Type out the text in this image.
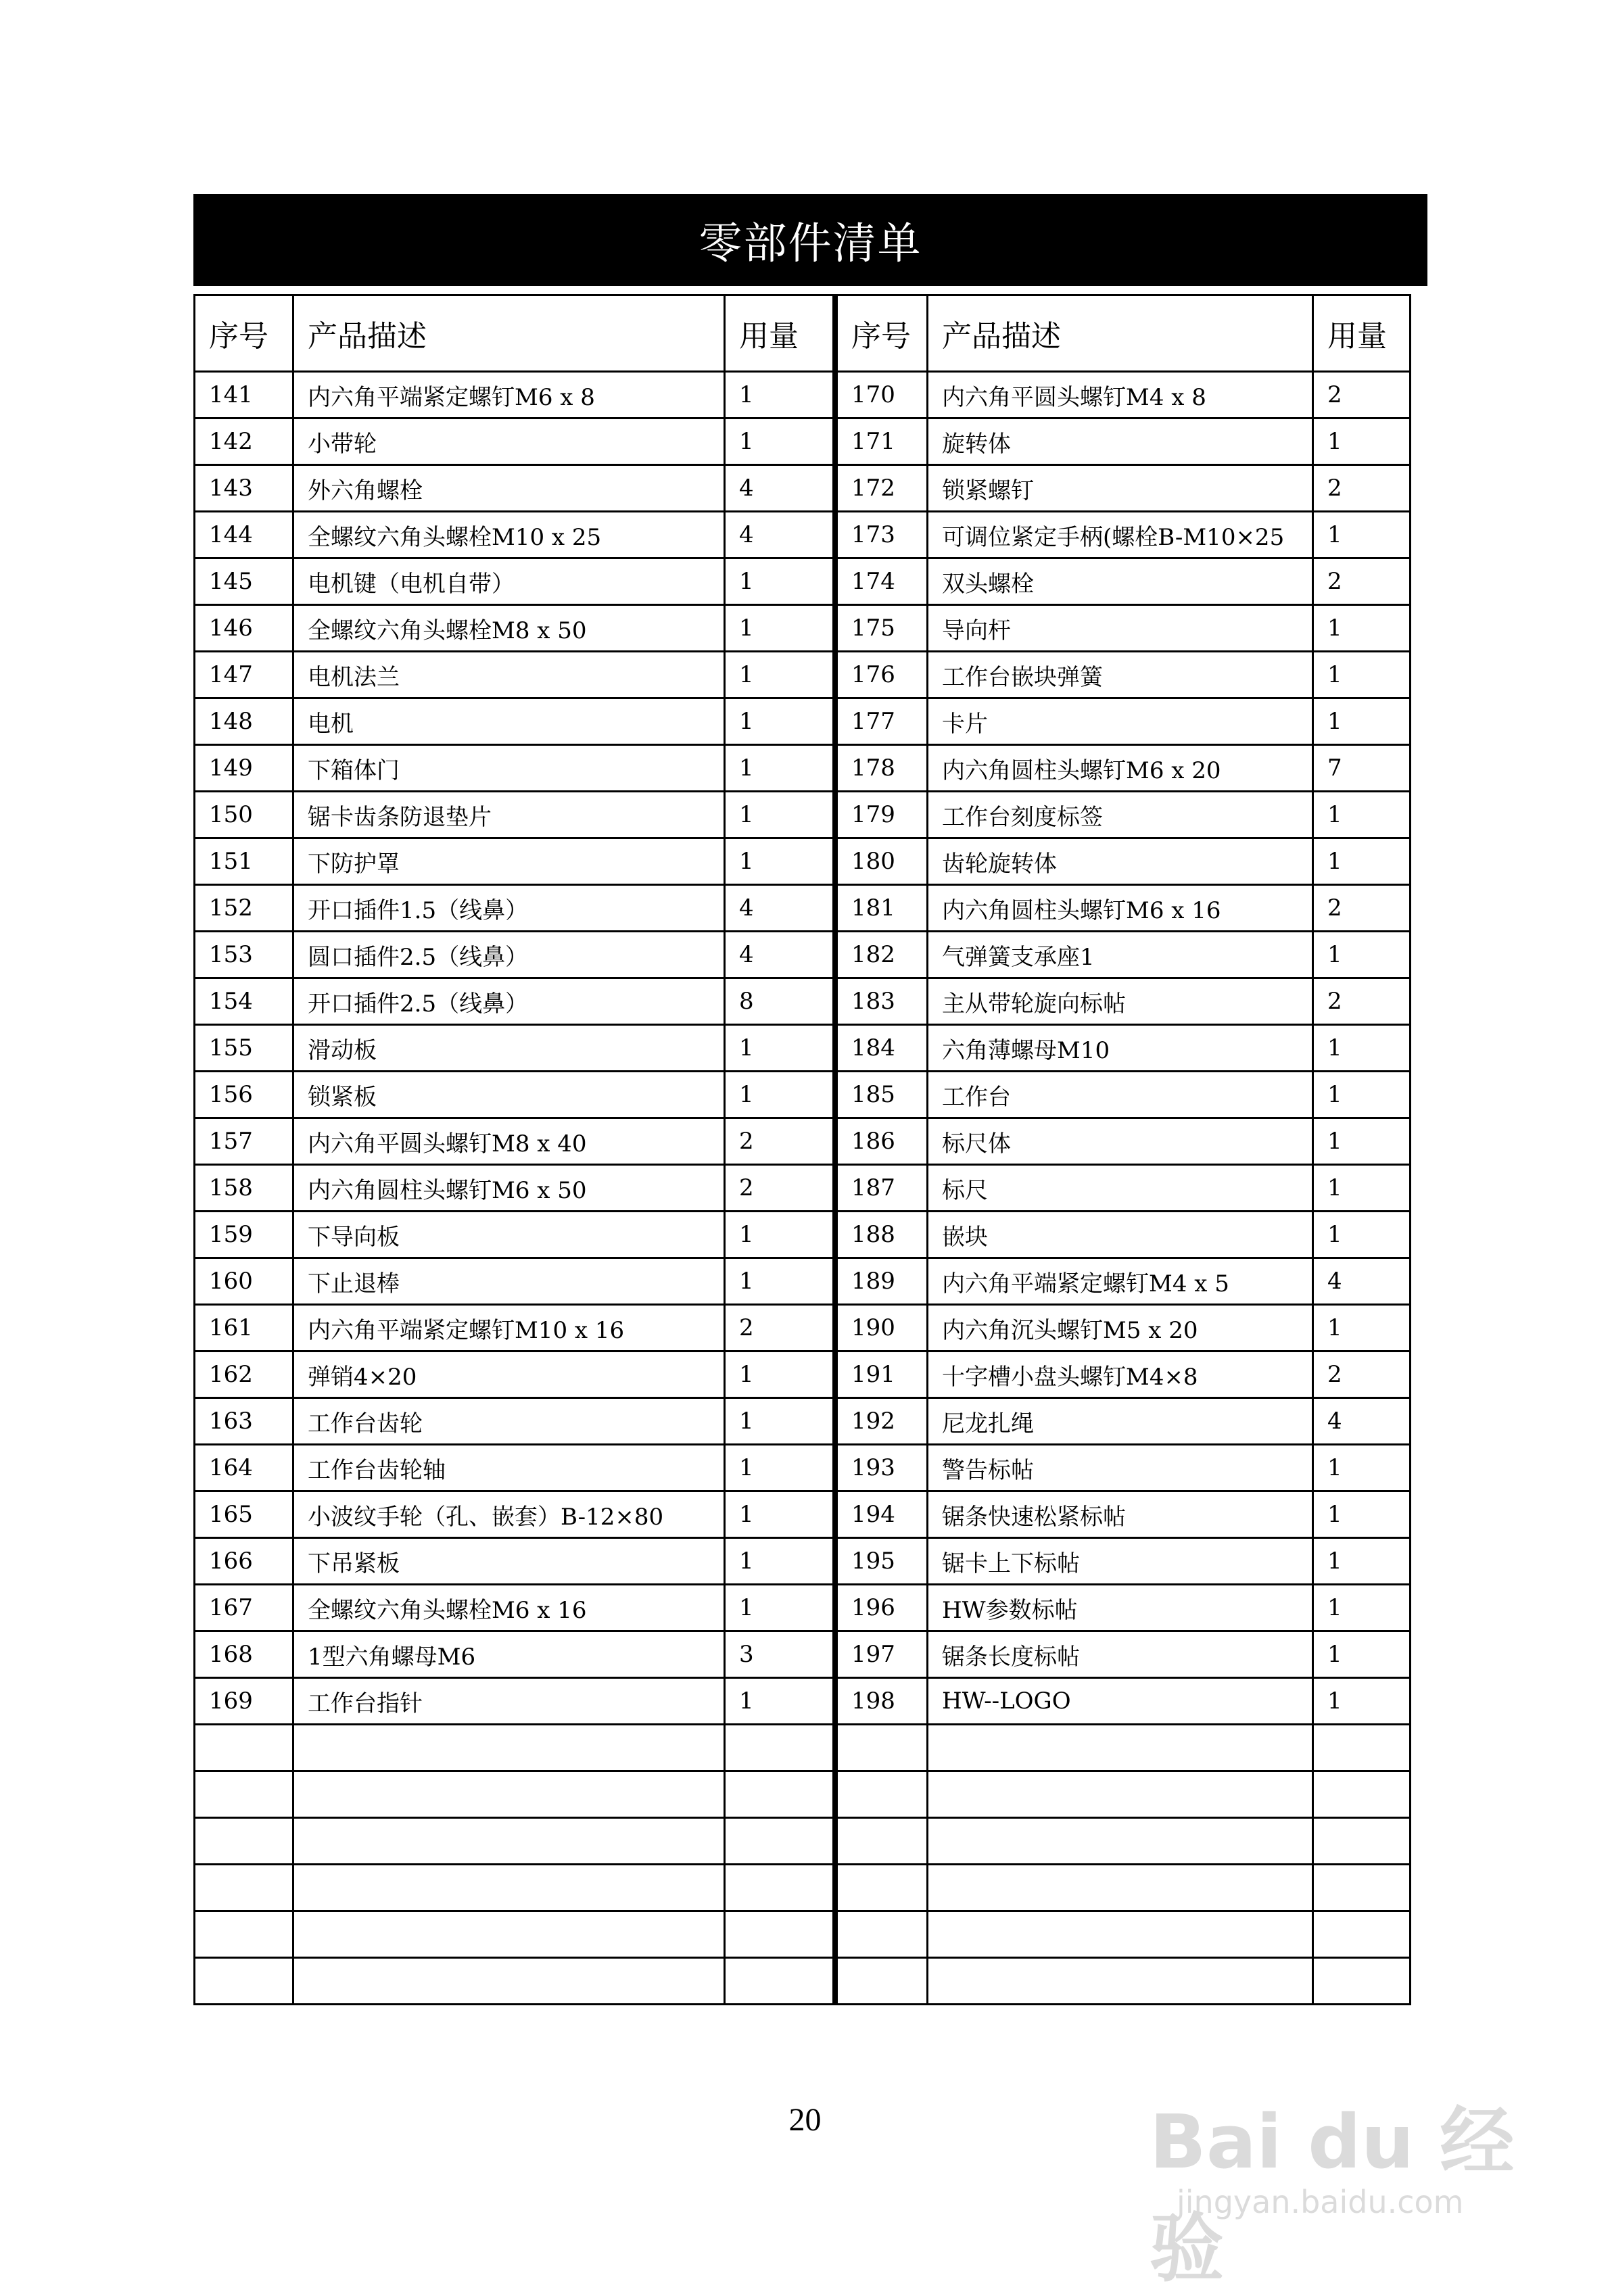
零部件清单
序号	产品描述	用量
141	内六角平端紧定螺钉M6 x 8	1
142	小带轮	1
143	外六角螺栓	4
144	全螺纹六角头螺栓M10 x 25	4
145	电机键（电机自带）	1
146	全螺纹六角头螺栓M8 x 50	1
147	电机法兰	1
148	电机	1
149	下箱体门	1
150	锯卡齿条防退垫片	1
151	下防护罩	1
152	开口插件1.5（线鼻）	4
153	圆口插件2.5（线鼻）	4
154	开口插件2.5（线鼻）	8
155	滑动板	1
156	锁紧板	1
157	内六角平圆头螺钉M8 x 40	2
158	内六角圆柱头螺钉M6 x 50	2
159	下导向板	1
160	下止退棒	1
161	内六角平端紧定螺钉M10 x 16	2
162	弹销4×20	1
163	工作台齿轮	1
164	工作台齿轮轴	1
165	小波纹手轮（孔、嵌套）B-12×80	1
166	下吊紧板	1
167	全螺纹六角头螺栓M6 x 16	1
168	1型六角螺母M6	3
169	工作台指针	1

序号	产品描述	用量
170	内六角平圆头螺钉M4 x 8	2
171	旋转体	1
172	锁紧螺钉	2
173	可调位紧定手柄(螺栓B-M10×25	1
174	双头螺栓	2
175	导向杆	1
176	工作台嵌块弹簧	1
177	卡片	1
178	内六角圆柱头螺钉M6 x 20	7
179	工作台刻度标签	1
180	齿轮旋转体	1
181	内六角圆柱头螺钉M6 x 16	2
182	气弹簧支承座1	1
183	主从带轮旋向标帖	2
184	六角薄螺母M10	1
185	工作台	1
186	标尺体	1
187	标尺	1
188	嵌块	1
189	内六角平端紧定螺钉M4 x 5	4
190	内六角沉头螺钉M5 x 20	1
191	十字槽小盘头螺钉M4×8	2
192	尼龙扎绳	4
193	警告标帖	1
194	锯条快速松紧标帖	1
195	锯卡上下标帖	1
196	HW参数标帖	1
197	锯条长度标帖	1
198	HW--LOGO	1

20	Bai du 经验
jingyan.baidu.com
